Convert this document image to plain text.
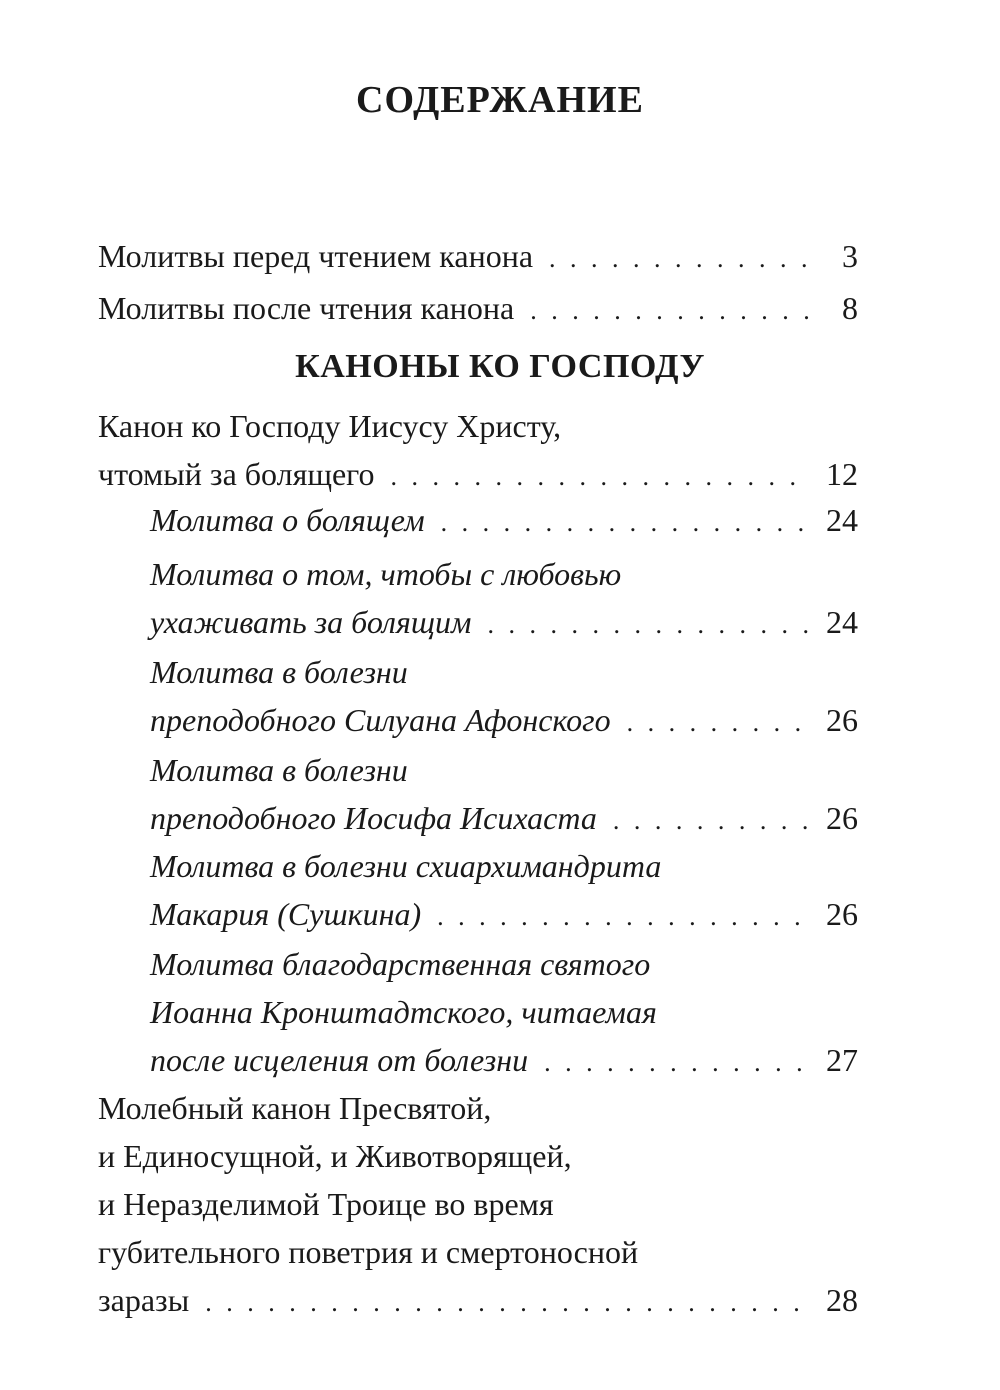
СОДЕРЖАНИЕ
Молитвы перед чтением канона . . .	3
Молитвы после чтения канона . . .	8
КАНОНЫ КО ГОСПОДУ
Канон ко Господу Иисусу Христу,
чтомый за болящего . . .	12
Молитва о болящем . . .	24
Молитва о том, чтобы с любовью
ухаживать за болящим . . .	24
Молитва в болезни
преподобного Силуана Афонского . . .	26
Молитва в болезни
преподобного Иосифа Исихаста . . .	26
Молитва в болезни схиархимандрита
Макария (Сушкина) . . .	26
Молитва благодарственная святого
Иоанна Кронштадтского, читаемая
после исцеления от болезни . . .	27
Молебный канон Пресвятой,
и Единосущной, и Животворящей,
и Неразделимой Троице во время
губительного поветрия и смертоносной
заразы . . .	28
